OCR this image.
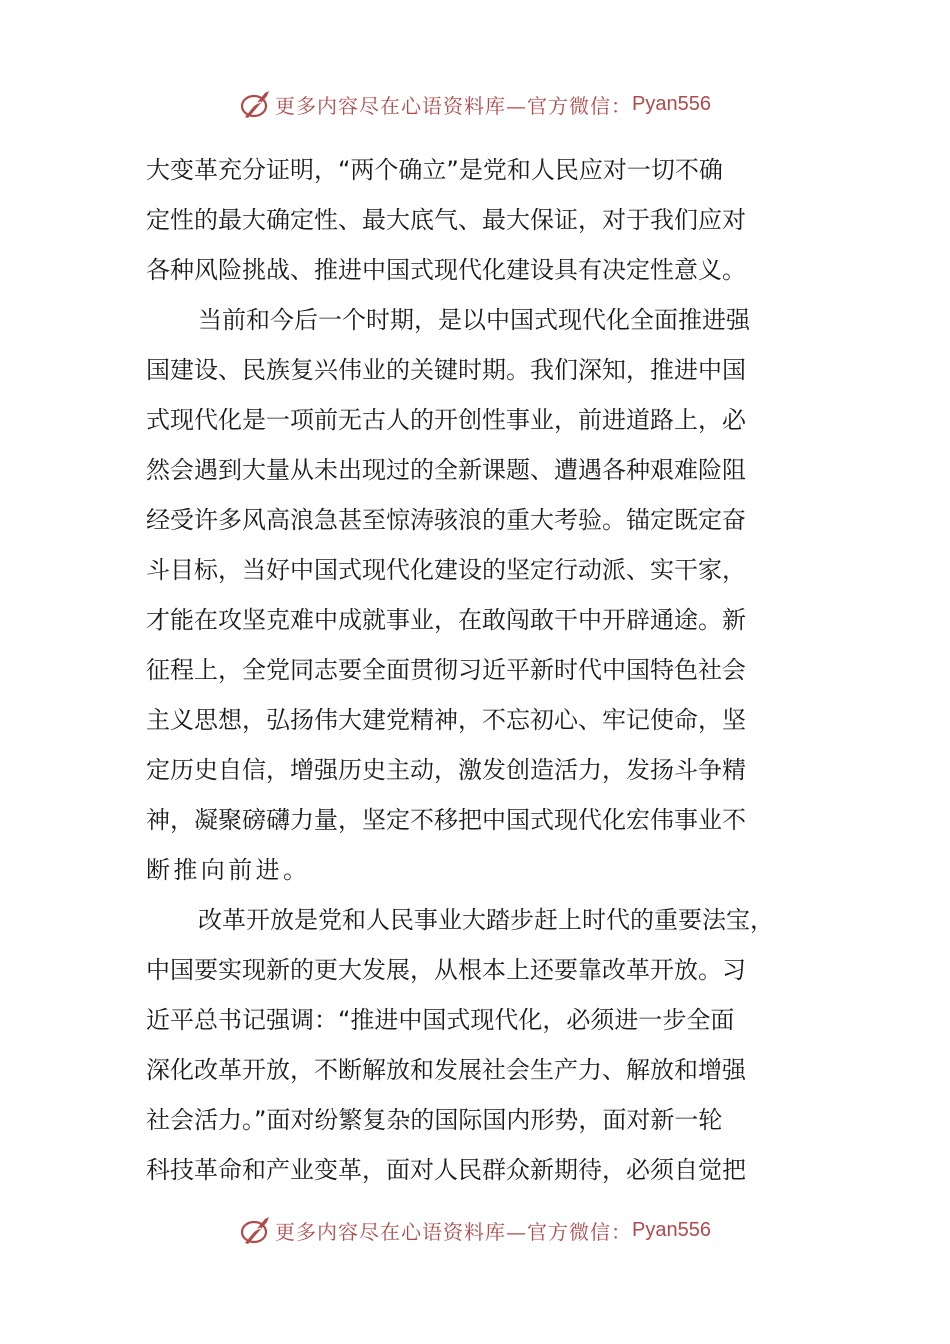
更多内容尽在心语资料库—官方微信： Pyan556
大变革充分证明，“两个确立”是党和人民应对一切不确
定性的最大确定性、最大底气、最大保证，对于我们应对
各种风险挑战、推进中国式现代化建设具有决定性意义。
当前和今后一个时期，是以中国式现代化全面推进强
国建设、民族复兴伟业的关键时期。我们深知，推进中国
式现代化是一项前无古人的开创性事业，前进道路上，必
然会遇到大量从未出现过的全新课题、遭遇各种艰难险阻
经受许多风高浪急甚至惊涛骇浪的重大考验。锚定既定奋
斗目标，当好中国式现代化建设的坚定行动派、实干家，
才能在攻坚克难中成就事业，在敢闯敢干中开辟通途。新
征程上，全党同志要全面贯彻习近平新时代中国特色社会
主义思想，弘扬伟大建党精神，不忘初心、牢记使命，坚
定历史自信，增强历史主动，激发创造活力，发扬斗争精
神，凝聚磅礴力量，坚定不移把中国式现代化宏伟事业不
断推向前进。
改革开放是党和人民事业大踏步赶上时代的重要法宝，
中国要实现新的更大发展，从根本上还要靠改革开放。习
近平总书记强调：“推进中国式现代化，必须进一步全面
深化改革开放，不断解放和发展社会生产力、解放和增强
社会活力。”面对纷繁复杂的国际国内形势，面对新一轮
科技革命和产业变革，面对人民群众新期待，必须自觉把
更多内容尽在心语资料库—官方微信： Pyan556
